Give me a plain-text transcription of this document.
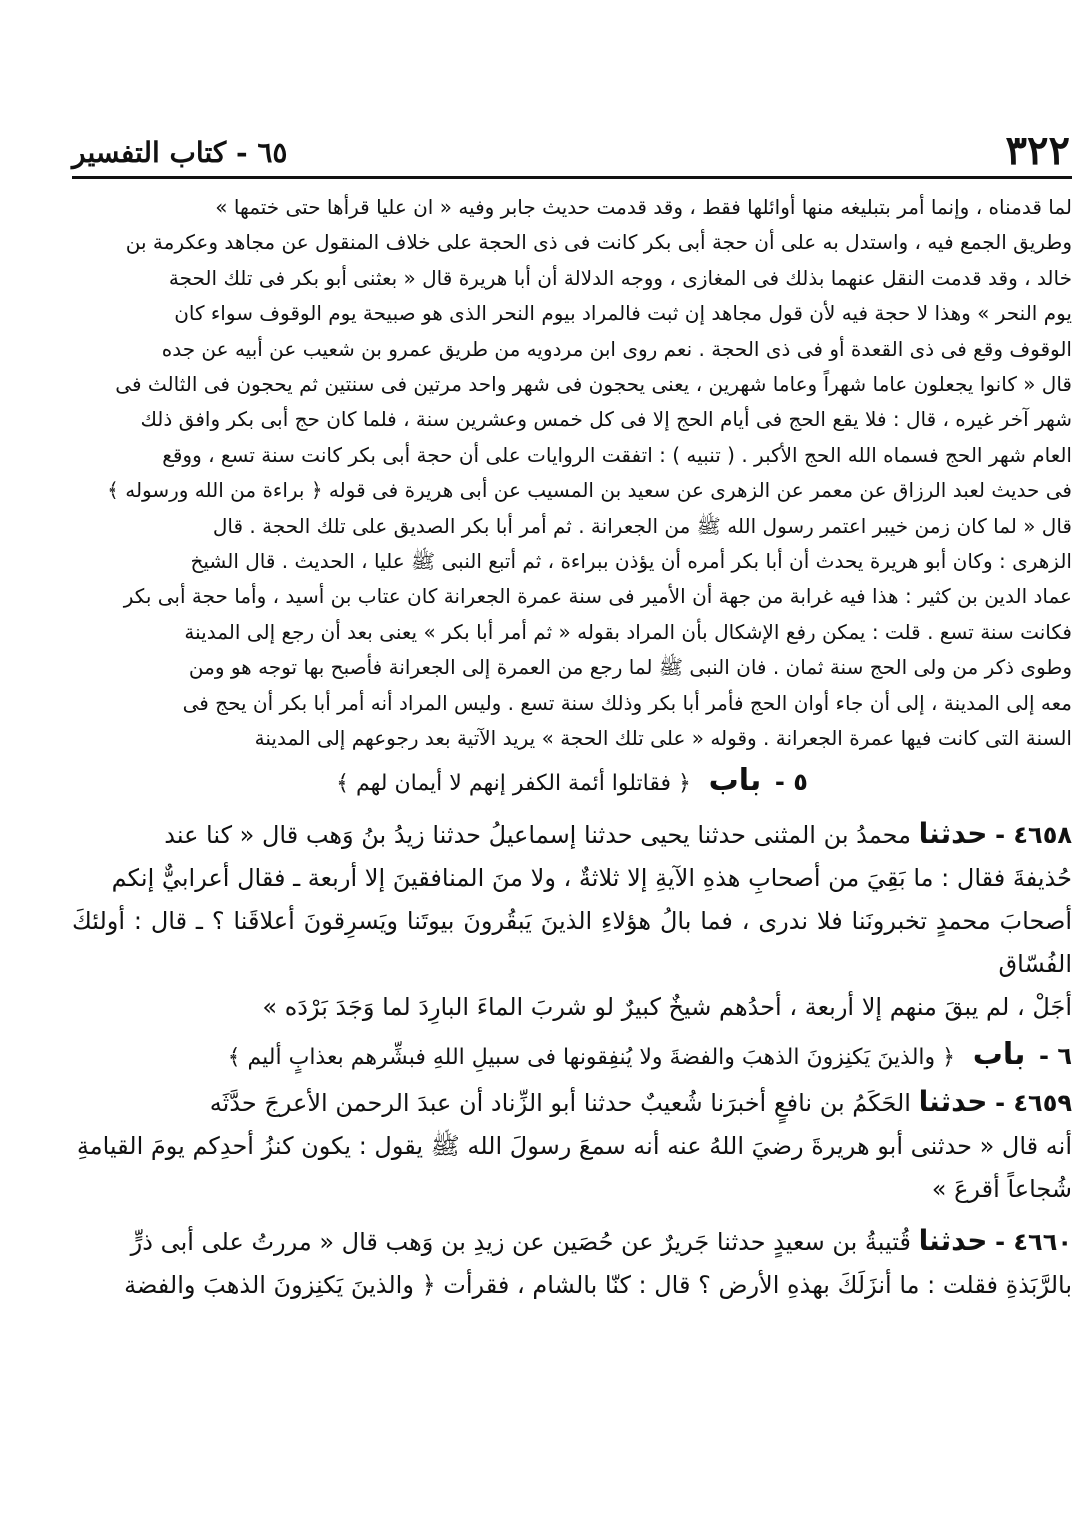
٣٢٢
٦٥ - كتاب التفسير

لما قدمناه ، وإنما أمر بتبليغه منها أوائلها فقط ، وقد قدمت حديث جابر وفيه « ان عليا قرأها حتى ختمها »

وطريق الجمع فيه ، واستدل به على أن حجة أبى بكر كانت فى ذى الحجة على خلاف المنقول عن مجاهد وعكرمة بن

خالد ، وقد قدمت النقل عنهما بذلك فى المغازى ، ووجه الدلالة أن أبا هريرة قال « بعثنى أبو بكر فى تلك الحجة

يوم النحر » وهذا لا حجة فيه لأن قول مجاهد إن ثبت فالمراد بيوم النحر الذى هو صبيحة يوم الوقوف سواء كان

الوقوف وقع فى ذى القعدة أو فى ذى الحجة . نعم روى ابن مردويه من طريق عمرو بن شعيب عن أبيه عن جده

قال « كانوا يجعلون عاما شهراً وعاما شهرين ، يعنى يحجون فى شهر واحد مرتين فى سنتين ثم يحجون فى الثالث فى

شهر آخر غيره ، قال : فلا يقع الحج فى أيام الحج إلا فى كل خمس وعشرين سنة ، فلما كان حج أبى بكر وافق ذلك

العام شهر الحج فسماه الله الحج الأكبر . ( تنبيه ) : اتفقت الروايات على أن حجة أبى بكر كانت سنة تسع ، ووقع

فى حديث لعبد الرزاق عن معمر عن الزهرى عن سعيد بن المسيب عن أبى هريرة فى قوله ﴿ براءة من الله ورسوله ﴾

قال « لما كان زمن خيبر اعتمر رسول الله ﷺ من الجعرانة . ثم أمر أبا بكر الصديق على تلك الحجة . قال

الزهرى : وكان أبو هريرة يحدث أن أبا بكر أمره أن يؤذن ببراءة ، ثم أتبع النبى ﷺ عليا ، الحديث . قال الشيخ

عماد الدين بن كثير : هذا فيه غرابة من جهة أن الأمير فى سنة عمرة الجعرانة كان عتاب بن أسيد ، وأما حجة أبى بكر

فكانت سنة تسع . قلت : يمكن رفع الإشكال بأن المراد بقوله « ثم أمر أبا بكر » يعنى بعد أن رجع إلى المدينة

وطوى ذكر من ولى الحج سنة ثمان . فان النبى ﷺ لما رجع من العمرة إلى الجعرانة فأصبح بها توجه هو ومن

معه إلى المدينة ، إلى أن جاء أوان الحج فأمر أبا بكر وذلك سنة تسع . وليس المراد أنه أمر أبا بكر أن يحج فى

السنة التى كانت فيها عمرة الجعرانة . وقوله « على تلك الحجة » يريد الآتية بعد رجوعهم إلى المدينة

٥ - باب ﴿ فقاتلوا أئمة الكفر إنهم لا أيمان لهم ﴾

٤٦٥٨ - حدثنا محمدُ بن المثنى حدثنا يحيى حدثنا إسماعيلُ حدثنا زيدُ بنُ وَهب قال « كنا عند

حُذيفةَ فقال : ما بَقِيَ من أصحابِ هذهِ الآيةِ إلا ثلاثةٌ ، ولا منَ المنافقينَ إلا أربعة ـ فقال أعرابيٌّ إنكم

أصحابَ محمدٍ تخبرونَنا فلا ندرى ، فما بالُ هؤلاءِ الذينَ يَبقُرونَ بيوتَنا ويَسرِقونَ أعلاقَنا ؟ ـ قال : أولئكَ الفُسّاق

أجَلْ ، لم يبقَ منهم إلا أربعة ، أحدُهم شيخٌ كبيرٌ لو شربَ الماءَ البارِدَ لما وَجَدَ بَرْدَه »

٦ - باب ﴿ والذينَ يَكنِزونَ الذهبَ والفضةَ ولا يُنفِقونها فى سبيلِ اللهِ فبشِّرهم بعذابٍ أليم ﴾

٤٦٥٩ - حدثنا الحَكَمُ بن نافعٍ أخبرَنا شُعيبٌ حدثنا أبو الزِّناد أن عبدَ الرحمن الأعرجَ حدَّثَه

أنه قال « حدثنى أبو هريرةَ رضيَ اللهُ عنه أنه سمعَ رسولَ الله ﷺ يقول : يكون كنزُ أحدِكم يومَ القيامةِ

شُجاعاً أقرعَ »

٤٦٦٠ - حدثنا قُتيبةُ بن سعيدٍ حدثنا جَريرٌ عن حُصَين عن زيدِ بن وَهب قال « مررتُ على أبى ذرٍّ

بالرَّبَذةِ فقلت : ما أنزَلَكَ بهذهِ الأرض ؟ قال : كنّا بالشام ، فقرأت ﴿ والذينَ يَكنِزونَ الذهبَ والفضة
